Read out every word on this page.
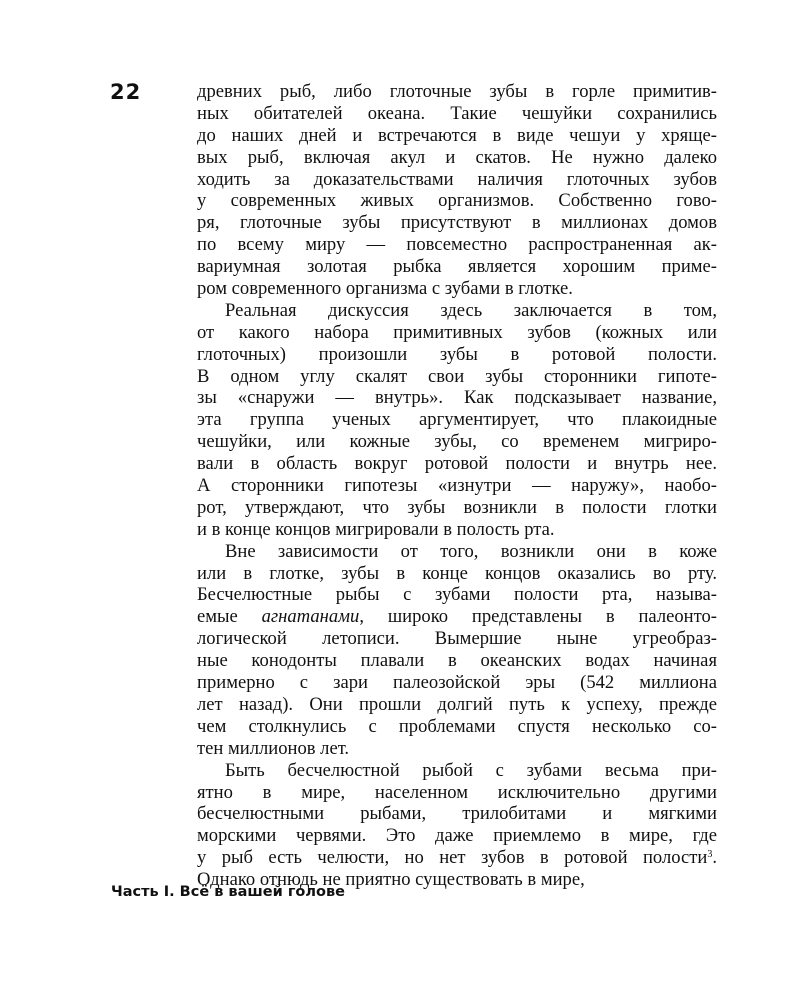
22	древних рыб, либо глоточные зубы в горле примитив-
ных обитателей океана. Такие чешуйки сохранились
до наших дней и встречаются в виде чешуи у хряще-
вых рыб, включая акул и скатов. Не нужно далеко
ходить за доказательствами наличия глоточных зубов
у современных живых организмов. Собственно гово-
ря, глоточные зубы присутствуют в миллионах домов
по всему миру — повсеместно распространенная ак-
вариумная золотая рыбка является хорошим приме-
ром современного организма с зубами в глотке.
Реальная дискуссия здесь заключается в том,
от какого набора примитивных зубов (кожных или
глоточных) произошли зубы в ротовой полости.
В одном углу скалят свои зубы сторонники гипоте-
зы «снаружи — внутрь». Как подсказывает название,
эта группа ученых аргументирует, что плакоидные
чешуйки, или кожные зубы, со временем мигриро-
вали в область вокруг ротовой полости и внутрь нее.
А сторонники гипотезы «изнутри — наружу», наобо-
рот, утверждают, что зубы возникли в полости глотки
и в конце концов мигрировали в полость рта.
Вне зависимости от того, возникли они в коже
или в глотке, зубы в конце концов оказались во рту.
Бесчелюстные рыбы с зубами полости рта, называ-
емые агнатанами, широко представлены в палеонто-
логической летописи. Вымершие ныне угреобраз-
ные конодонты плавали в океанских водах начиная
примерно с зари палеозойской эры (542 миллиона
лет назад). Они прошли долгий путь к успеху, прежде
чем столкнулись с проблемами спустя несколько со-
тен миллионов лет.
Быть бесчелюстной рыбой с зубами весьма при-
ятно в мире, населенном исключительно другими
бесчелюстными рыбами, трилобитами и мягкими
морскими червями. Это даже приемлемо в мире, где
у рыб есть челюсти, но нет зубов в ротовой полости$^3$.
Однако отнюдь не приятно существовать в мире,
Часть I. Всё в вашей голове
